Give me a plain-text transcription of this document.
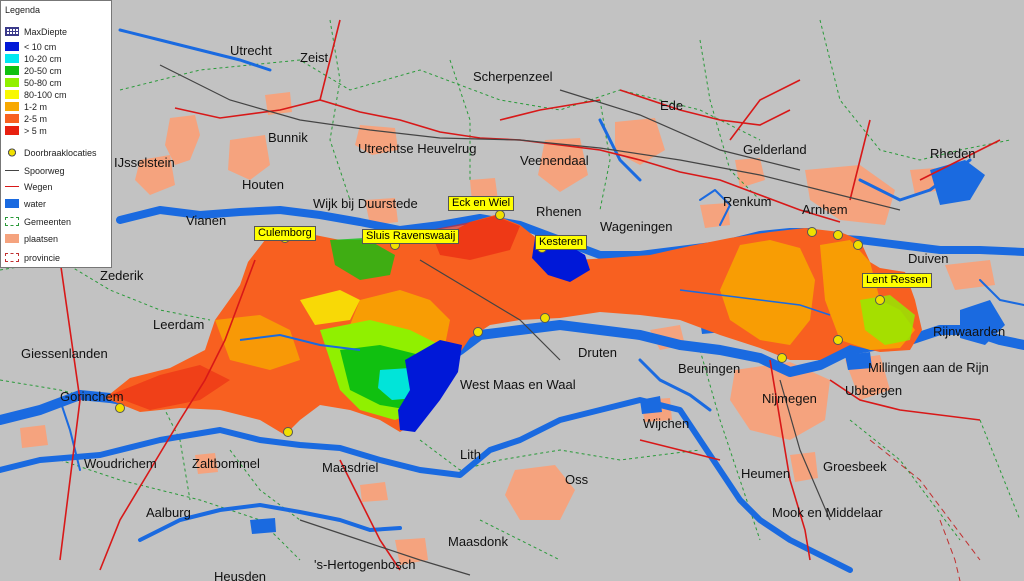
Utrecht Zeist
Scherpenzeel
Ede
Bunnik
Utrechtse Heuvelrug
Veenendaal
Gelderland	Rheden
IJsselstein
Houten
Wijk bij Duurstede
Rhenen
Renkum
Arnhem
Vianen	Wageningen
Duiven
Zederik
Leerdam	Rijnwaarden
Giessenlanden	Druten
Beuningen	Millingen aan de Rijn
West Maas en Waal
Nijmegen
Ubbergen
Gorinchem
Wijchen
Woudrichem	Zaltbommel	Maasdriel
Lith
Heumen	Groesbeek
Oss
Aalburg	Mook en Middelaar
Maasdonk
's-Hertogenbosch
Heusden
Culemborg	Sluis Ravenswaaij
Eck en Wiel
Kesteren
Lent Ressen
Legenda
MaxDiepte
< 10 cm
10-20 cm
20-50 cm
50-80 cm
80-100 cm
1-2 m
2-5 m
> 5 m
Doorbraaklocaties
Spoorweg
Wegen
water
Gemeenten
plaatsen
provincie
